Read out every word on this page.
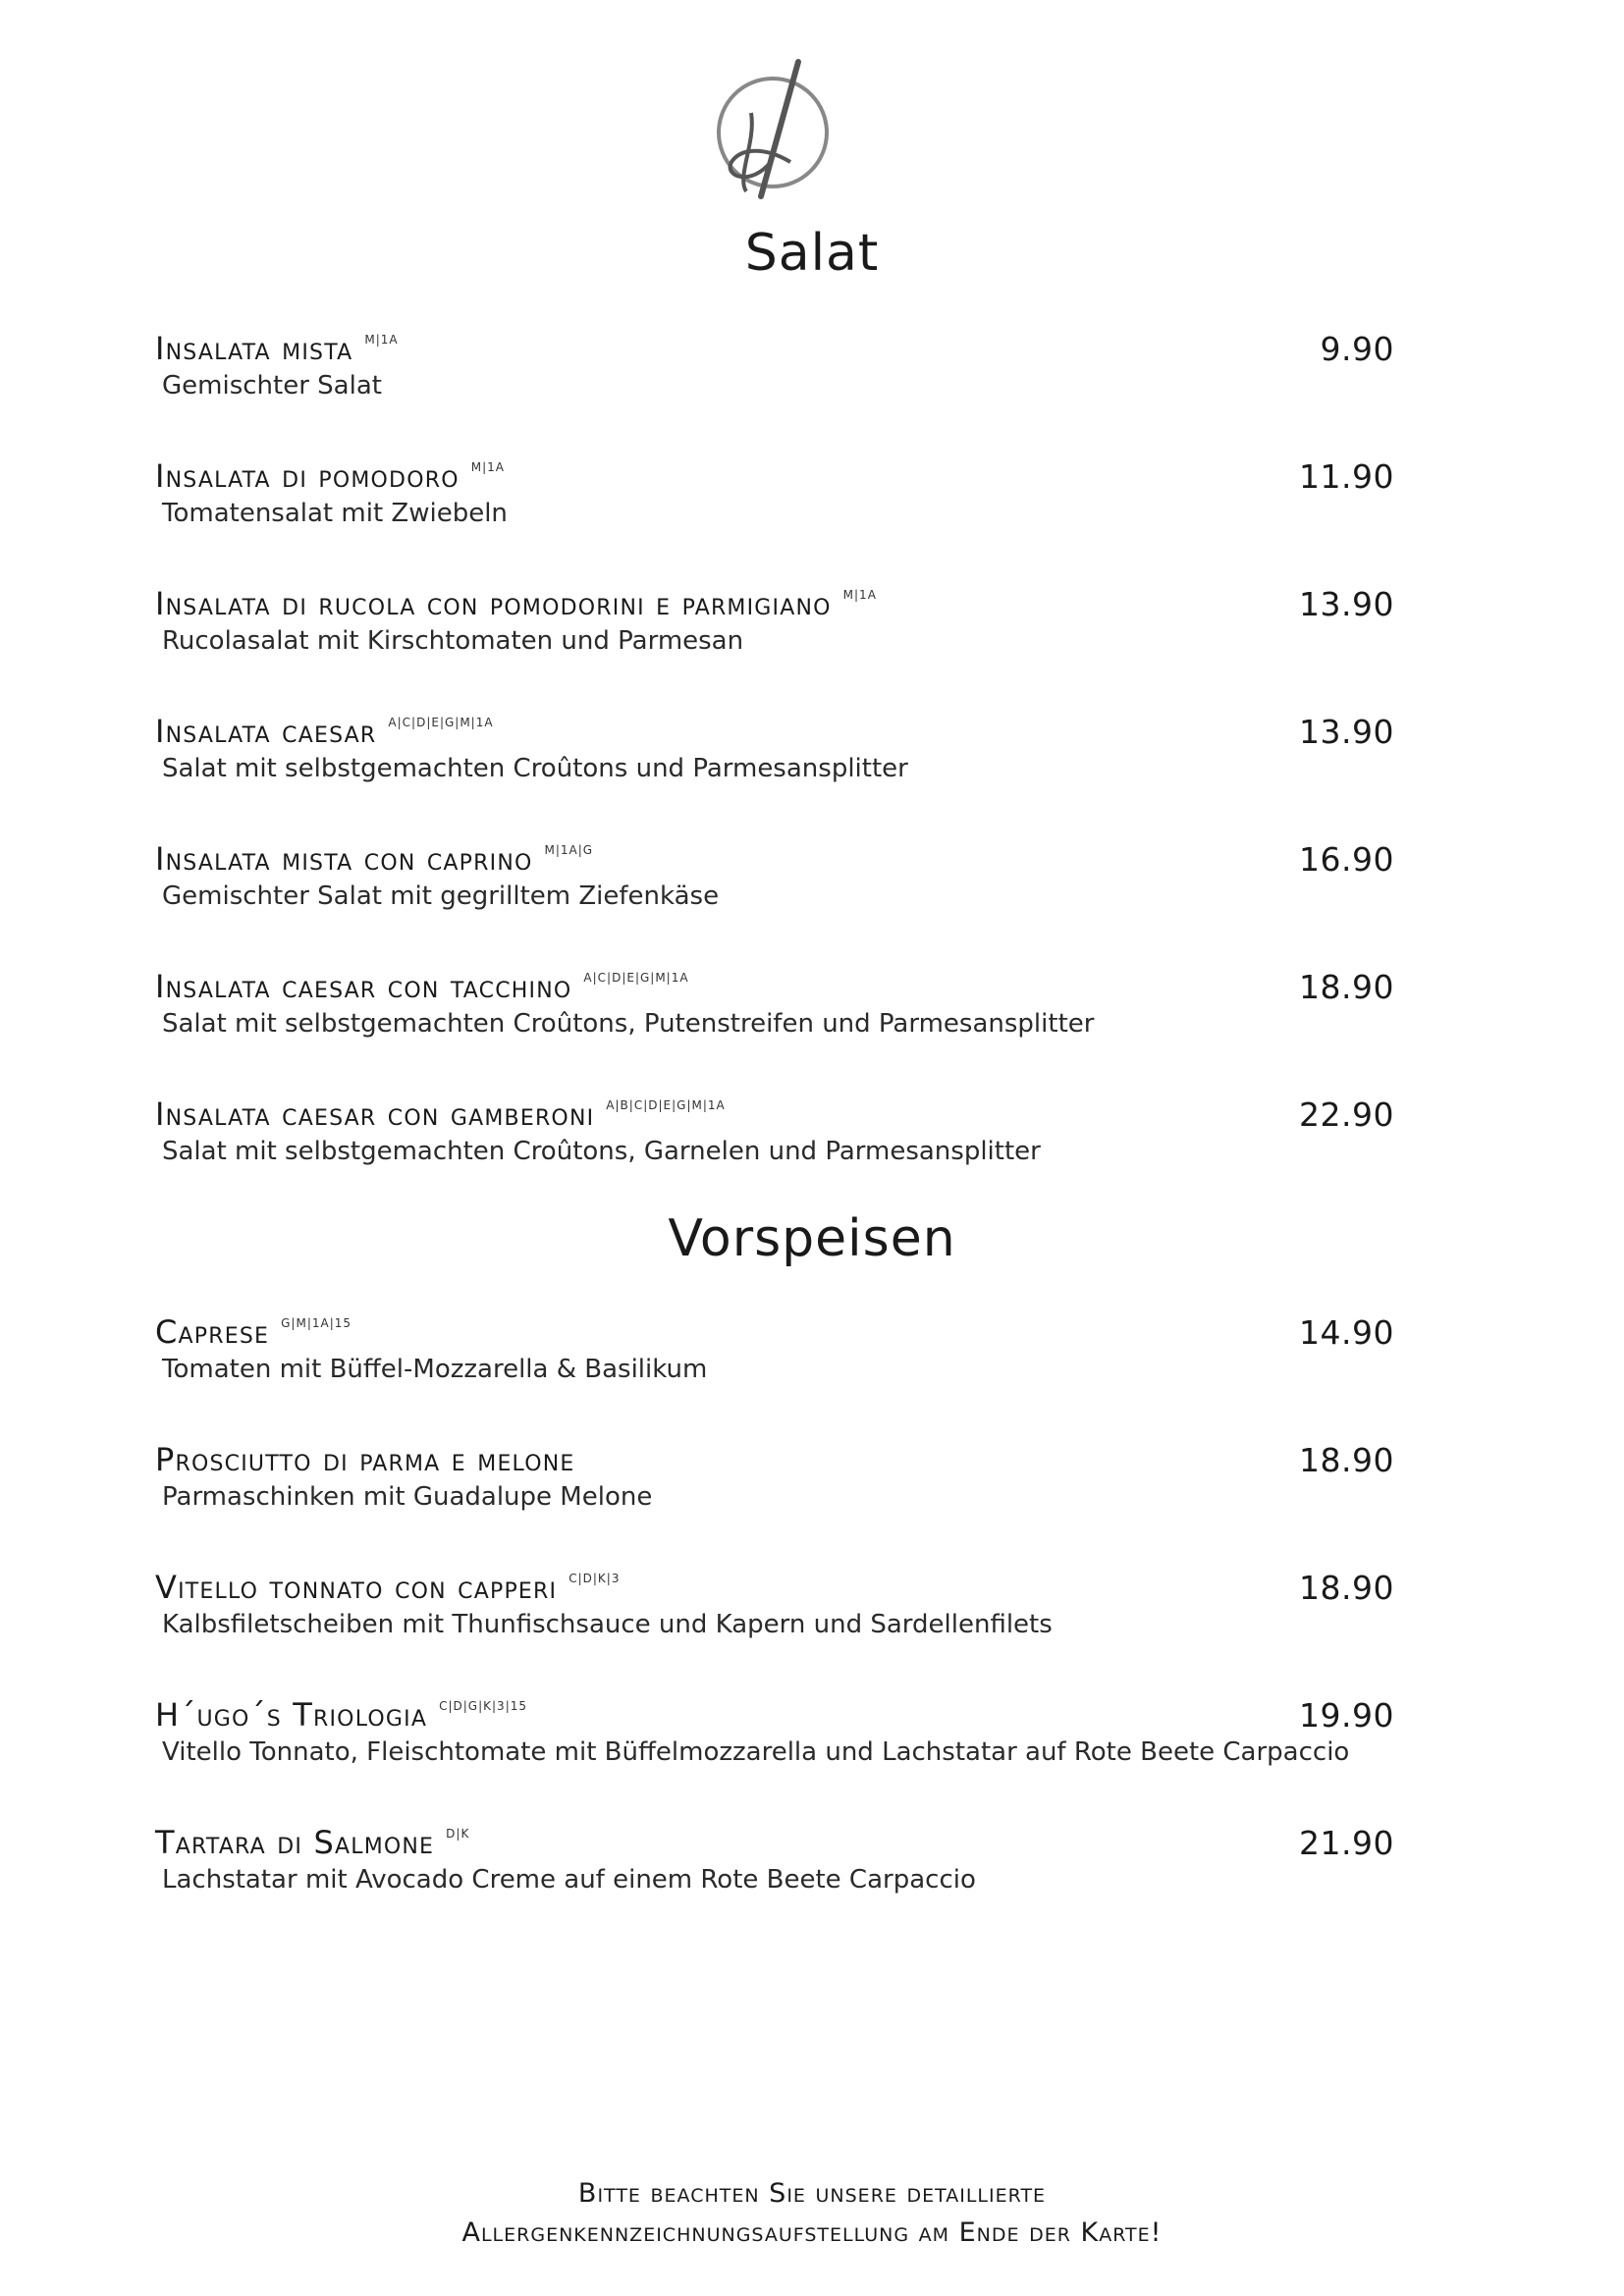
Salat
Insalata mista $^{M|1A}$
Gemischter Salat
9.90
Insalata di pomodoro $^{M|1A}$
Tomatensalat mit Zwiebeln
11.90
Insalata di rucola con pomodorini e parmigiano $^{M|1A}$
Rucolasalat mit Kirschtomaten und Parmesan
13.90
Insalata caesar $^{A|C|D|E|G|M|1A}$
Salat mit selbstgemachten Croûtons und Parmesansplitter
13.90
Insalata mista con caprino $^{M|1A|G}$
Gemischter Salat mit gegrilltem Ziefenkäse
16.90
Insalata caesar con tacchino $^{A|C|D|E|G|M|1A}$
Salat mit selbstgemachten Croûtons, Putenstreifen und Parmesansplitter
18.90
Insalata caesar con gamberoni $^{A|B|C|D|E|G|M|1A}$
Salat mit selbstgemachten Croûtons, Garnelen und Parmesansplitter
22.90
Vorspeisen
Caprese $^{G|M|1A|15}$
Tomaten mit Büffel-Mozzarella & Basilikum
14.90
Prosciutto di parma e melone
Parmaschinken mit Guadalupe Melone
18.90
Vitello tonnato con capperi $^{C|D|K|3}$
Kalbsfiletscheiben mit Thunfischsauce und Kapern und Sardellenfilets
18.90
H´ugo´s Triologia $^{C|D|G|K|3|15}$
Vitello Tonnato, Fleischtomate mit Büffelmozzarella und Lachstatar auf Rote Beete Carpaccio
19.90
Tartara di Salmone $^{D|K}$
Lachstatar mit Avocado Creme auf einem Rote Beete Carpaccio
21.90
Bitte beachten Sie unsere detaillierte
Allergenkennzeichnungsaufstellung am Ende der Karte!
